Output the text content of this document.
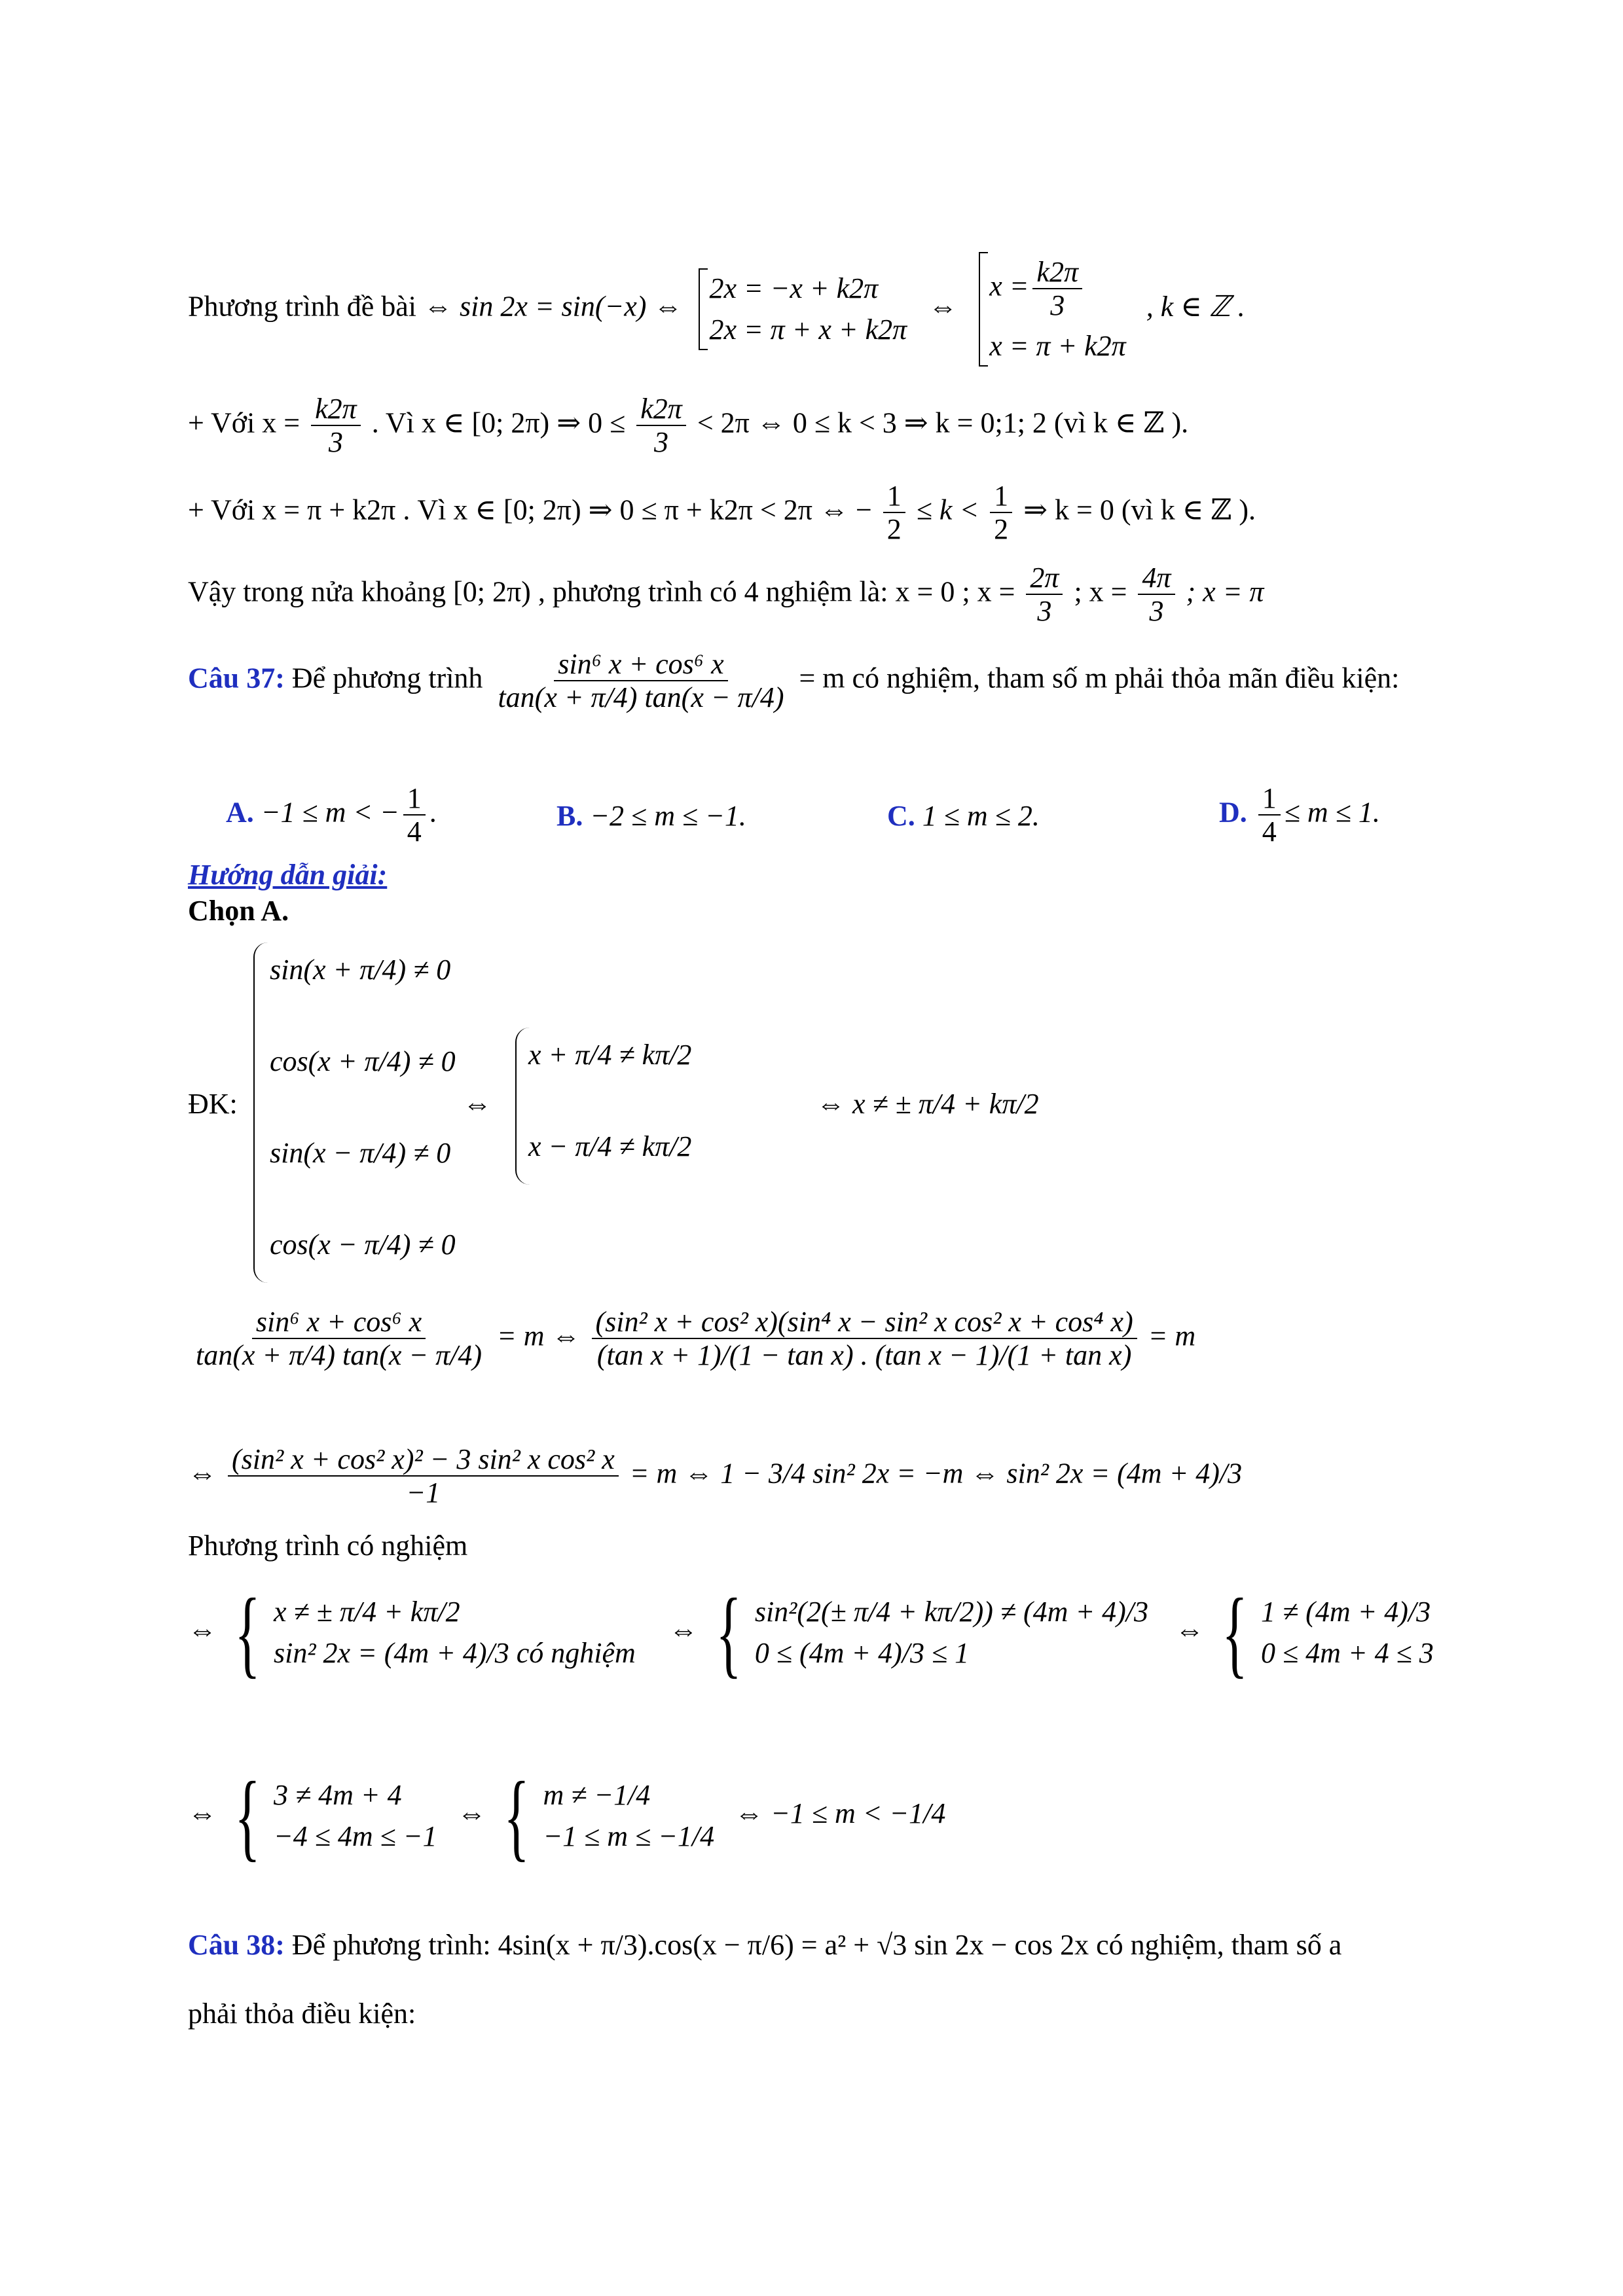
Phương trình đề bài ⇔ sin 2x = sin(−x) ⇔
2x = −x + k2π
2x = π + x + k2π
⇔
$x = \frac{k2\pi}{3}$
x = π + k2π
, k ∈ ℤ .
+ Với $x = \frac{k2\pi}{3}$ . Vì x ∈ [0; 2π) ⇒ $0 \le \frac{k2\pi}{3} < 2\pi$ ⇔ 0 ≤ k < 3 ⇒ k = 0;1; 2 (vì k ∈ ℤ ).
+ Với x = π + k2π . Vì x ∈ [0; 2π) ⇒ 0 ≤ π + k2π < 2π ⇔ − $\frac{1}{2} \le k < \frac{1}{2}$ ⇒ k = 0 (vì k ∈ ℤ ).
Vậy trong nửa khoảng [0; 2π) , phương trình có 4 nghiệm là: x = 0 ; $x = \frac{2\pi}{3}$ ; $x = \frac{4\pi}{3}$ ; x = π
Câu 37: Để phương trình $\frac{\text{sin⁶ x + cos⁶ x}}{\tan(x + \pi/4) \tan(x - \pi/4)} = m$ có nghiệm, tham số m phải thỏa mãn điều kiện:
A. −1 ≤ m < − $\frac{1}{4}$ .	B. −2 ≤ m ≤ −1.	C. 1 ≤ m ≤ 2.	D. $\frac{1}{4} \le m \le 1$.
Hướng dẫn giải:
Chọn A.
ĐK:
sin(x + π/4) ≠ 0
cos(x + π/4) ≠ 0
sin(x − π/4) ≠ 0
cos(x − π/4) ≠ 0
⇔
x + π/4 ≠ kπ/2
x − π/4 ≠ kπ/2
⇔ x ≠ ± π/4 + kπ/2
$\frac{\text{sin⁶ x + cos⁶ x}}{\tan(x + \pi/4) \tan(x - \pi/4)} = m$ ⇔ $\frac{\text{(sin² x + cos² x)(sin⁴ x − sin² x cos² x + cos⁴ x)}}{\text{(tan x + 1)/(1 − tan x) . (tan x − 1)/(1 + tan x)}} = m$
⇔ $\frac{\text{(sin² x + cos² x)² − 3 sin² x cos² x}}{-1} = m$ ⇔ 1 − 3/4 sin² 2x = −m ⇔ sin² 2x = (4m + 4)/3
Phương trình có nghiệm
⇔ { x ≠ ± π/4 + kπ/2
sin² 2x = (4m + 4)/3 có nghiệm
⇔ { sin²(2(± π/4 + kπ/2)) ≠ (4m + 4)/3
0 ≤ (4m + 4)/3 ≤ 1
⇔ { 1 ≠ (4m + 4)/3
0 ≤ 4m + 4 ≤ 3
⇔ { 3 ≠ 4m + 4
−4 ≤ 4m ≤ −1
⇔ { m ≠ −1/4
−1 ≤ m ≤ −1/4
⇔ −1 ≤ m < −1/4
Câu 38: Để phương trình: 4sin(x + π/3).cos(x − π/6) = a² + √3 sin 2x − cos 2x có nghiệm, tham số a
phải thỏa điều kiện:
